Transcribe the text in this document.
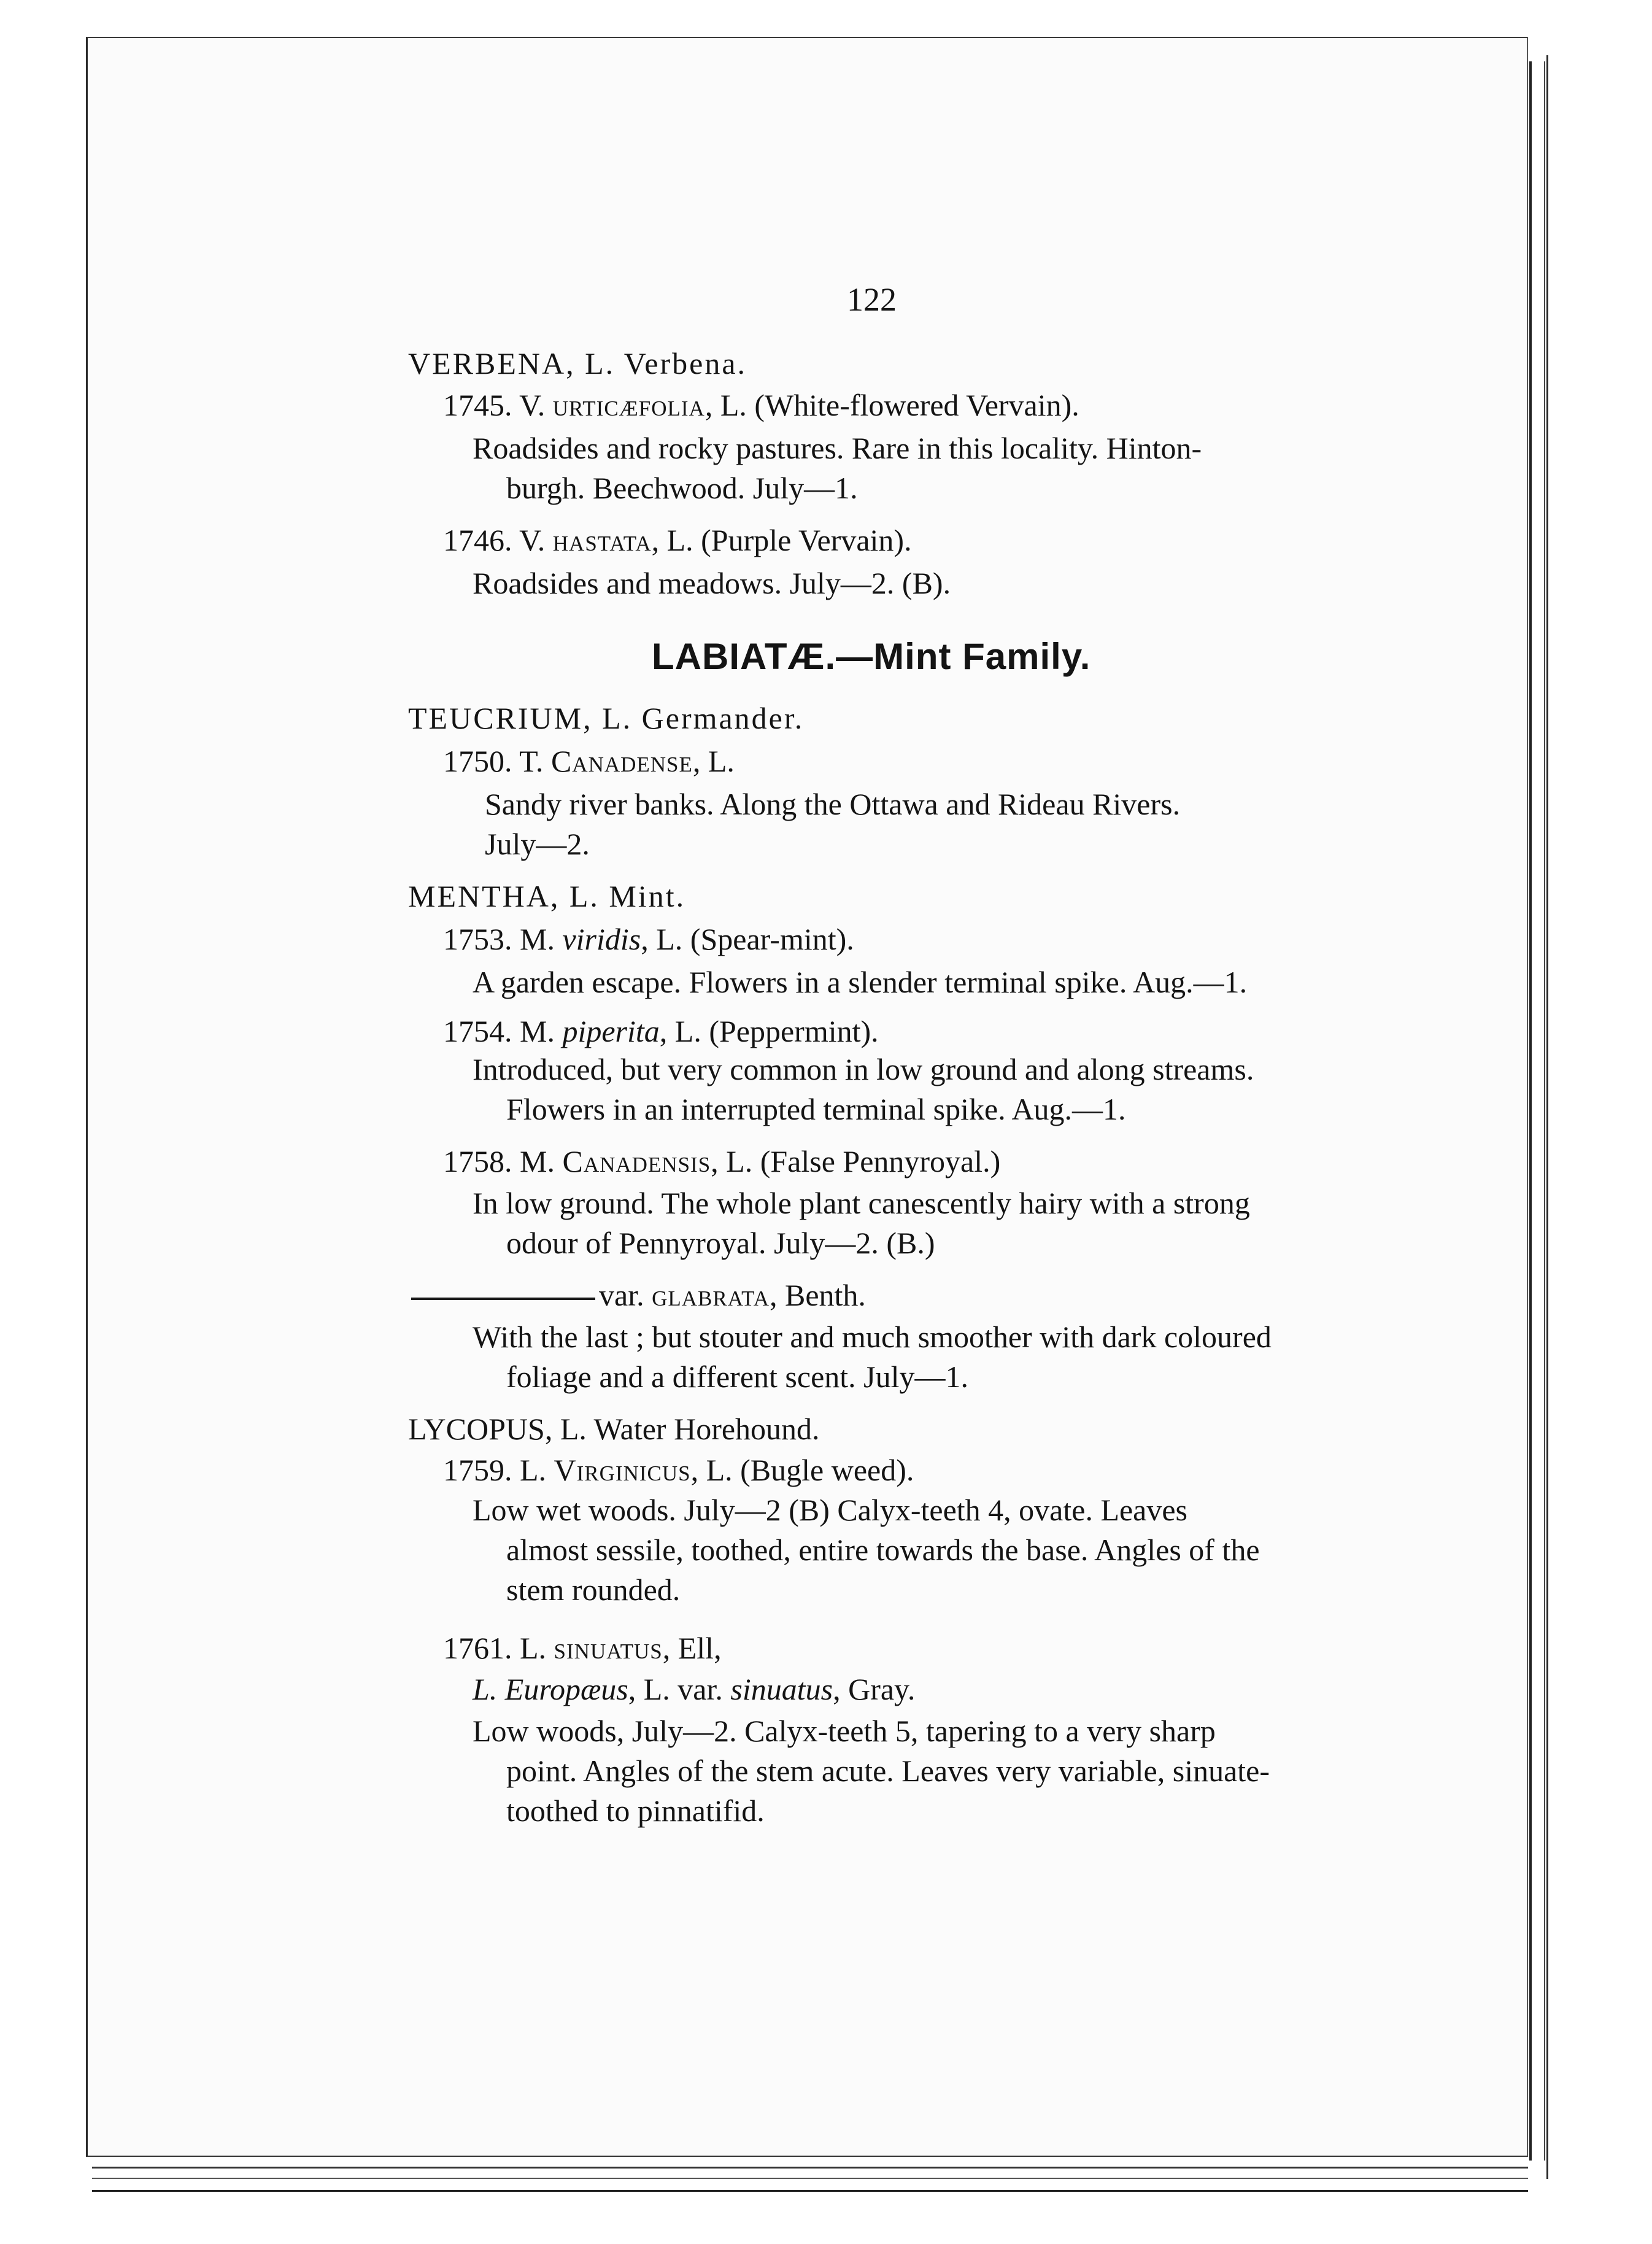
122
VERBENA, L. Verbena.
1745. V. urticæfolia, L. (White-flowered Vervain).
Roadsides and rocky pastures. Rare in this locality. Hinton-
burgh. Beechwood. July—1.
1746. V. hastata, L. (Purple Vervain).
Roadsides and meadows. July—2. (B).
LABIATÆ.—Mint Family.
TEUCRIUM, L. Germander.
1750. T. Canadense, L.
Sandy river banks. Along the Ottawa and Rideau Rivers.
July—2.
MENTHA, L. Mint.
1753. M. viridis, L. (Spear-mint).
A garden escape. Flowers in a slender terminal spike. Aug.—1.
1754. M. piperita, L. (Peppermint).
Introduced, but very common in low ground and along streams.
Flowers in an interrupted terminal spike. Aug.—1.
1758. M. Canadensis, L. (False Pennyroyal.)
In low ground. The whole plant canescently hairy with a strong
odour of Pennyroyal. July—2. (B.)
var. glabrata, Benth.
With the last ; but stouter and much smoother with dark coloured
foliage and a different scent. July—1.
LYCOPUS, L. Water Horehound.
1759. L. Virginicus, L. (Bugle weed).
Low wet woods. July—2 (B) Calyx-teeth 4, ovate. Leaves
almost sessile, toothed, entire towards the base. Angles of the
stem rounded.
1761. L. sinuatus, Ell,
L. Europæus, L. var. sinuatus, Gray.
Low woods, July—2. Calyx-teeth 5, tapering to a very sharp
point. Angles of the stem acute. Leaves very variable, sinuate-
toothed to pinnatifid.
